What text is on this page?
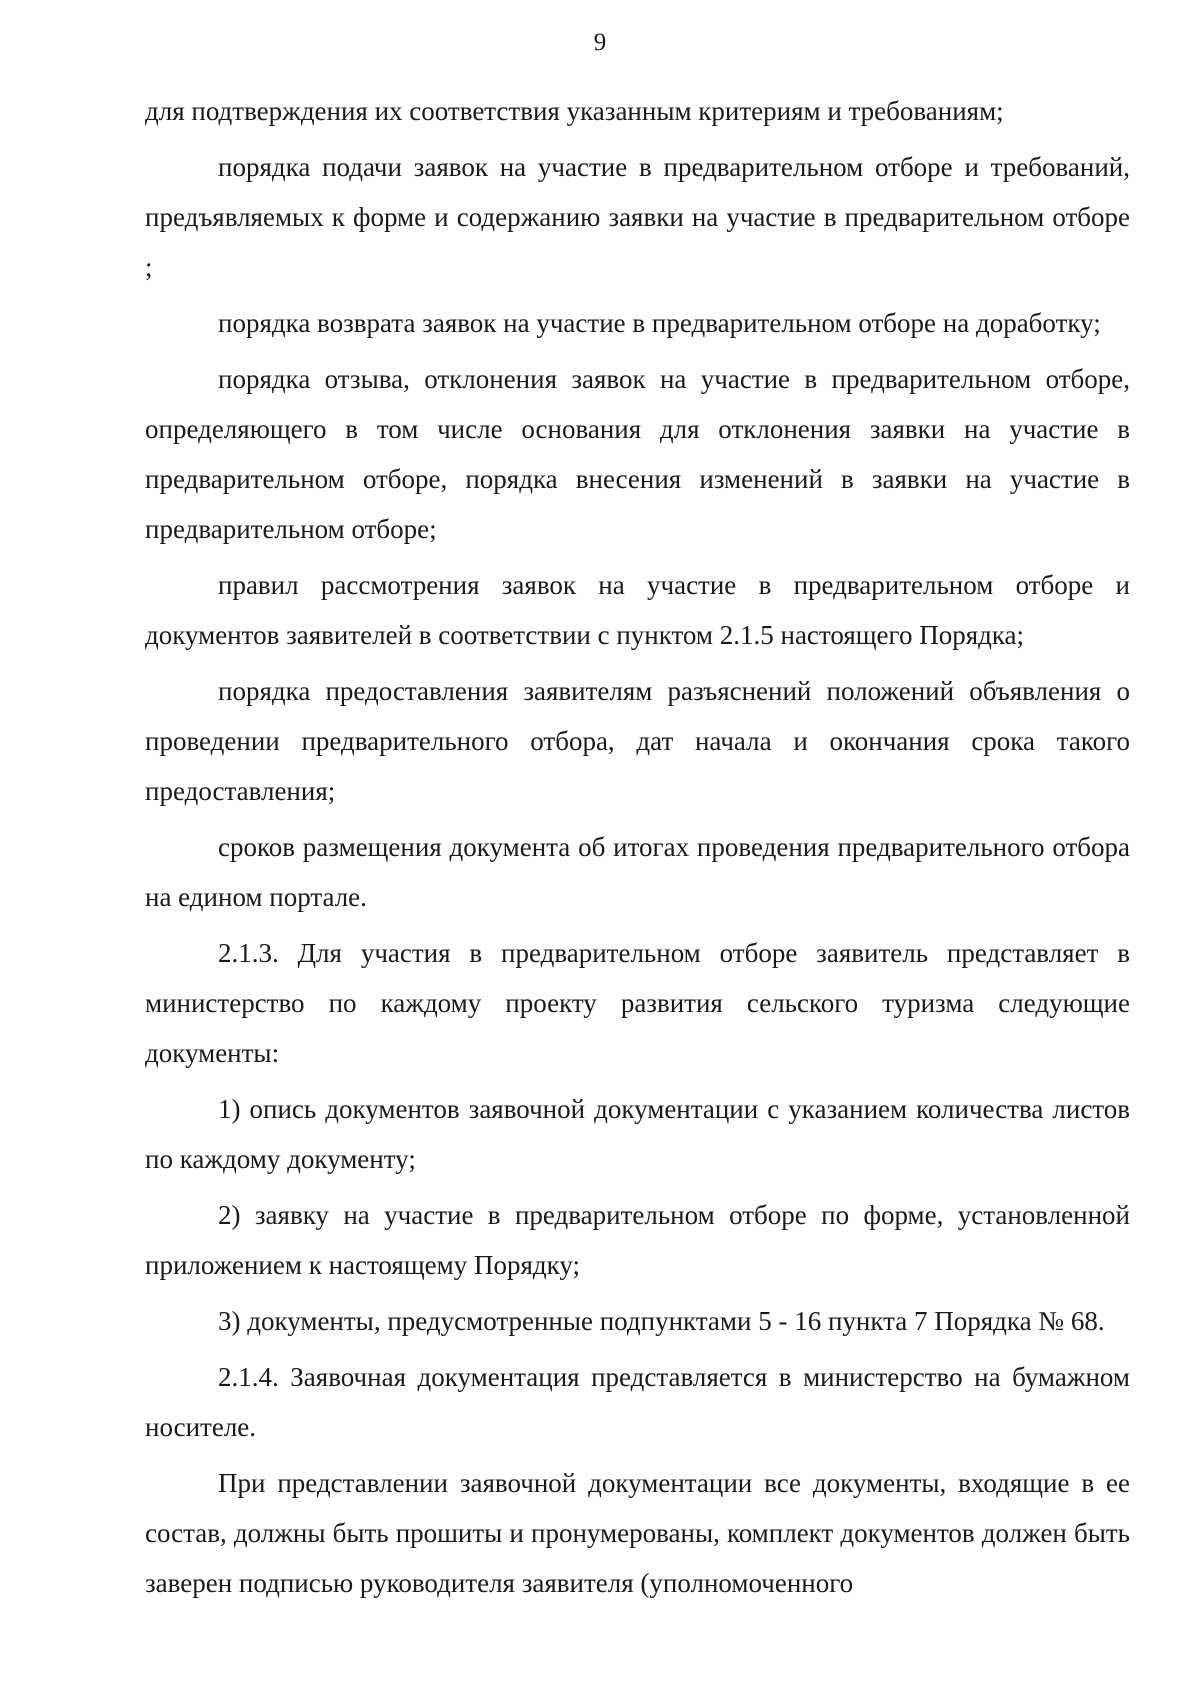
9

для подтверждения их соответствия указанным критериям и требованиям;

порядка подачи заявок на участие в предварительном отборе и требований, предъявляемых к форме и содержанию заявки на участие в предварительном отборе ;

порядка возврата заявок на участие в предварительном отборе на доработку;

порядка отзыва, отклонения заявок на участие в предварительном отборе, определяющего в том числе основания для отклонения заявки на участие в предварительном отборе, порядка внесения изменений в заявки на участие в предварительном отборе;

правил рассмотрения заявок на участие в предварительном отборе и документов заявителей в соответствии с пунктом 2.1.5 настоящего Порядка;

порядка предоставления заявителям разъяснений положений объявления о проведении предварительного отбора, дат начала и окончания срока такого предоставления;

сроков размещения документа об итогах проведения предварительного отбора на едином портале.

2.1.3. Для участия в предварительном отборе заявитель представляет в министерство по каждому проекту развития сельского туризма следующие документы:

1) опись документов заявочной документации с указанием количества листов по каждому документу;

2) заявку на участие в предварительном отборе по форме, установленной приложением к настоящему Порядку;

3) документы, предусмотренные подпунктами 5 - 16 пункта 7 Порядка № 68.

2.1.4. Заявочная документация представляется в министерство на бумажном носителе.

При представлении заявочной документации все документы, входящие в ее состав, должны быть прошиты и пронумерованы, комплект документов должен быть заверен подписью руководителя заявителя (уполномоченного
